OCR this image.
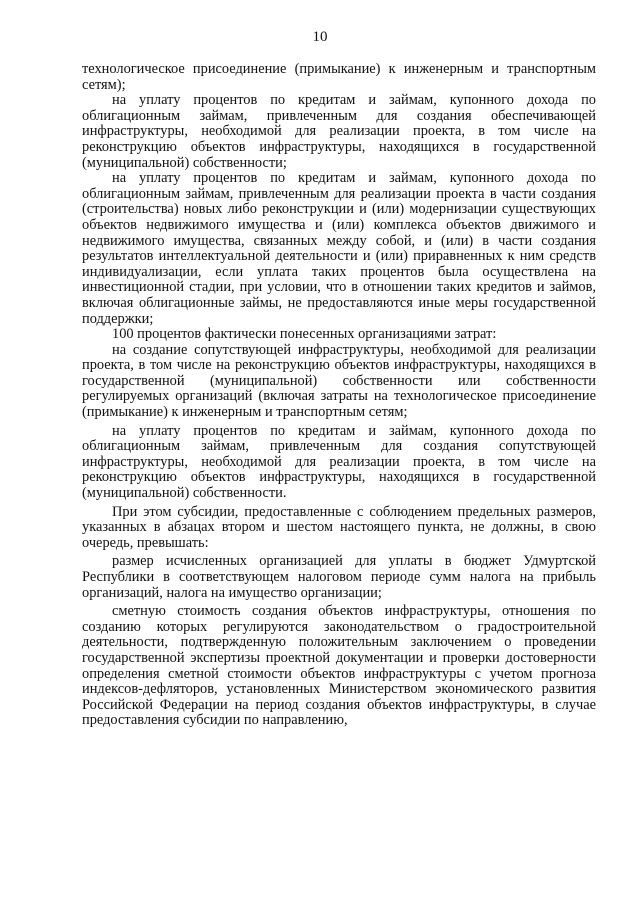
10

технологическое присоединение (примыкание) к инженерным и транспортным сетям);

на уплату процентов по кредитам и займам, купонного дохода по облигационным займам, привлеченным для создания обеспечивающей инфраструктуры, необходимой для реализации проекта, в том числе на реконструкцию объектов инфраструктуры, находящихся в государственной (муниципальной) собственности;

на уплату процентов по кредитам и займам, купонного дохода по облигационным займам, привлеченным для реализации проекта в части создания (строительства) новых либо реконструкции и (или) модернизации существующих объектов недвижимого имущества и (или) комплекса объектов движимого и недвижимого имущества, связанных между собой, и (или) в части создания результатов интеллектуальной деятельности и (или) приравненных к ним средств индивидуализации, если уплата таких процентов была осуществлена на инвестиционной стадии, при условии, что в отношении таких кредитов и займов, включая облигационные займы, не предоставляются иные меры государственной поддержки;

100 процентов фактически понесенных организациями затрат:

на создание сопутствующей инфраструктуры, необходимой для реализации проекта, в том числе на реконструкцию объектов инфраструктуры, находящихся в государственной (муниципальной) собственности или собственности регулируемых организаций (включая затраты на технологическое присоединение (примыкание) к инженерным и транспортным сетям;

на уплату процентов по кредитам и займам, купонного дохода по облигационным займам, привлеченным для создания сопутствующей инфраструктуры, необходимой для реализации проекта, в том числе на реконструкцию объектов инфраструктуры, находящихся в государственной (муниципальной) собственности.

При этом субсидии, предоставленные с соблюдением предельных размеров, указанных в абзацах втором и шестом настоящего пункта, не должны, в свою очередь, превышать:

размер исчисленных организацией для уплаты в бюджет Удмуртской Республики в соответствующем налоговом периоде сумм налога на прибыль организаций, налога на имущество организации;

сметную стоимость создания объектов инфраструктуры, отношения по созданию которых регулируются законодательством о градостроительной деятельности, подтвержденную положительным заключением о проведении государственной экспертизы проектной документации и проверки достоверности определения сметной стоимости объектов инфраструктуры с учетом прогноза индексов-дефляторов, установленных Министерством экономического развития Российской Федерации на период создания объектов инфраструктуры, в случае предоставления субсидии по направлению,
